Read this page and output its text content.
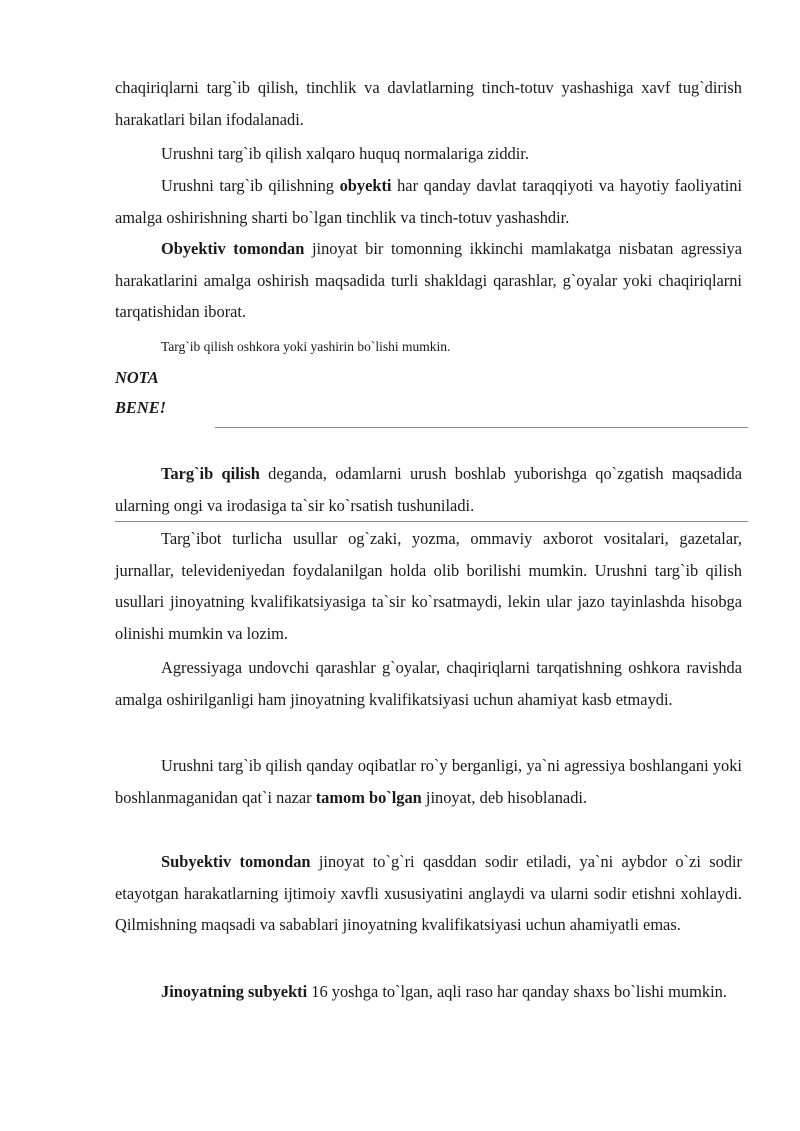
chaqiriqlarni targ`ib qilish, tinchlik va davlatlarning tinch-totuv yashashiga xavf tug`dirish harakatlari bilan ifodalanadi.

Urushni targ`ib qilish xalqaro huquq normalariga ziddir.

Urushni targ`ib qilishning obyekti har qanday davlat taraqqiyoti va hayotiy faoliyatini amalga oshirishning sharti bo`lgan tinchlik va tinch-totuv yashashdir.

Obyektiv tomondan jinoyat bir tomonning ikkinchi mamlakatga nisbatan agressiya harakatlarini amalga oshirish maqsadida turli shakldagi qarashlar, g`oyalar yoki chaqiriqlarni tarqatishidan iborat.

Targ`ib qilish oshkora yoki yashirin bo`lishi mumkin.
NOTA
BENE!

Targ`ib qilish deganda, odamlarni urush boshlab yuborishga qo`zgatish maqsadida ularning ongi va irodasiga ta`sir ko`rsatish tushuniladi.

Targ`ibot turlicha usullar og`zaki, yozma, ommaviy axborot vositalari, gazetalar, jurnallar, televideniyedan foydalanilgan holda olib borilishi mumkin. Urushni targ`ib qilish usullari jinoyatning kvalifikatsiyasiga ta`sir ko`rsatmaydi, lekin ular jazo tayinlashda hisobga olinishi mumkin va lozim.

Agressiyaga undovchi qarashlar g`oyalar, chaqiriqlarni tarqatishning oshkora ravishda amalga oshirilganligi ham jinoyatning kvalifikatsiyasi uchun ahamiyat kasb etmaydi.

Urushni targ`ib qilish qanday oqibatlar ro`y berganligi, ya`ni agressiya boshlangani yoki boshlanmaganidan qat`i nazar tamom bo`lgan jinoyat, deb hisoblanadi.

Subyektiv tomondan jinoyat to`g`ri qasddan sodir etiladi, ya`ni aybdor o`zi sodir etayotgan harakatlarning ijtimoiy xavfli xususiyatini anglaydi va ularni sodir etishni xohlaydi. Qilmishning maqsadi va sabablari jinoyatning kvalifikatsiyasi uchun ahamiyatli emas.

Jinoyatning subyekti 16 yoshga to`lgan, aqli raso har qanday shaxs bo`lishi mumkin.
